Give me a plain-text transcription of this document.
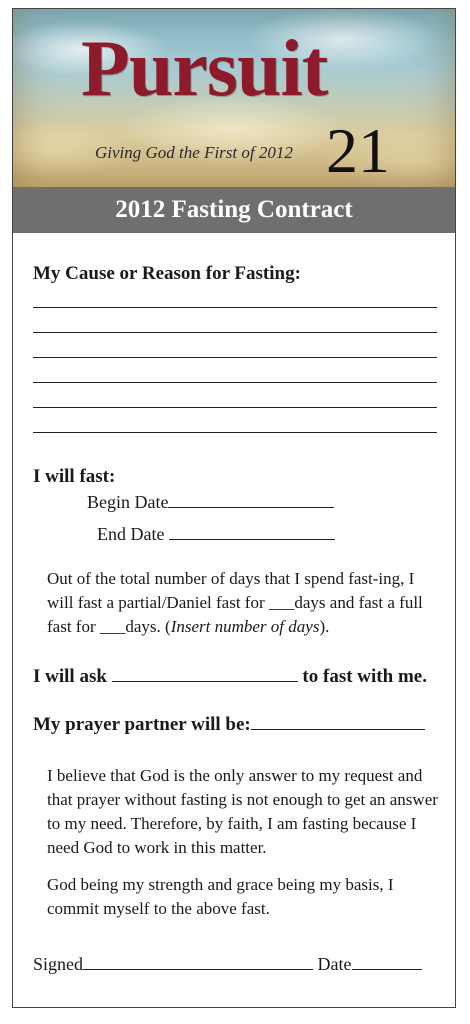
Pursuit
Giving God the First of 2012 21
2012 Fasting Contract
My Cause or Reason for Fasting:
I will fast:
Begin Date
End Date
Out of the total number of days that I spend fast-ing, I will fast a partial/Daniel fast for ___days and fast a full fast for ___days. (Insert number of days).
I will ask	to fast with me.
My prayer partner will be:
I believe that God is the only answer to my request and that prayer without fasting is not enough to get an answer to my need. Therefore, by faith, I am fasting because I need God to work in this matter.
God being my strength and grace being my basis, I commit myself to the above fast.
Signed	Date
